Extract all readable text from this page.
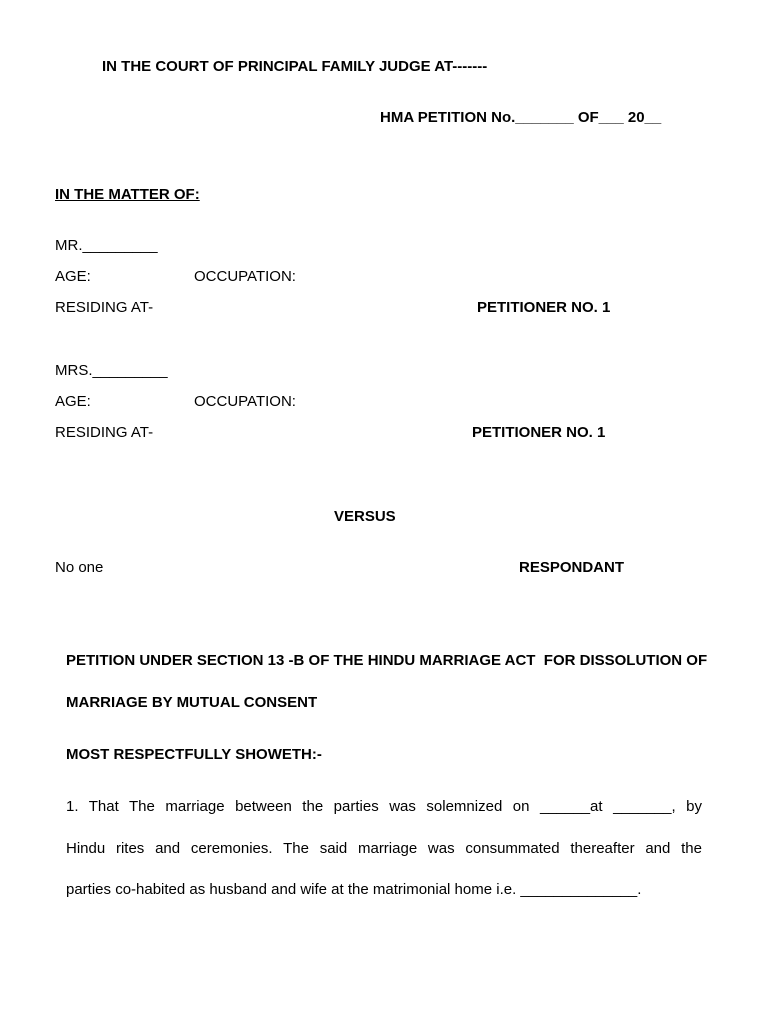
IN THE COURT OF PRINCIPAL FAMILY JUDGE AT-------
HMA PETITION No._______ OF___ 20__
IN THE MATTER OF:
MR._________
AGE:	OCCUPATION:
RESIDING AT-	PETITIONER NO. 1
MRS._________
AGE:	OCCUPATION:
RESIDING AT-	PETITIONER NO. 1
VERSUS
No one	RESPONDANT
PETITION UNDER SECTION 13 -B OF THE HINDU MARRIAGE ACT  FOR DISSOLUTION OF
MARRIAGE BY MUTUAL CONSENT
MOST RESPECTFULLY SHOWETH:-
1. That The marriage between the parties was solemnized on ______at _______, by
Hindu rites and ceremonies. The said marriage was consummated thereafter and the
parties co-habited as husband and wife at the matrimonial home i.e. ______________.
